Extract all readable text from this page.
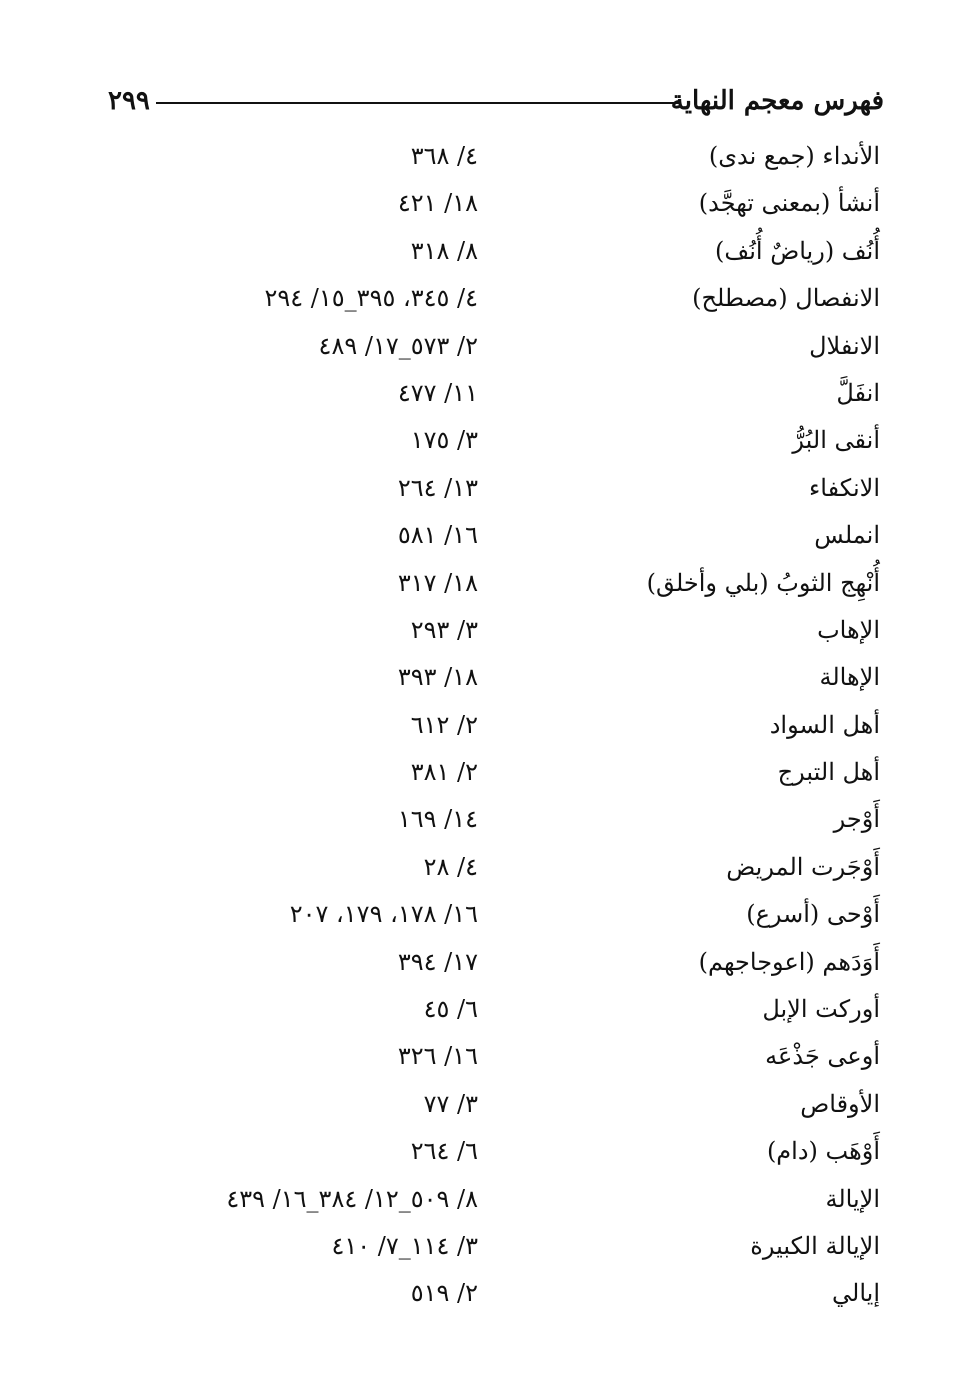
فهرس معجم النهاية
٢٩٩
الأنداء (جمع ندى)
٤/ ٣٦٨
أنشأ (بمعنى تهجَّد)
١٨/ ٤٢١
أُنُف (رياضٌ أُنُف)
٨/ ٣١٨
الانفصال (مصطلح)
٤/ ٣٤٥، ٣٩٥_١٥/ ٢٩٤
الانفلال
٢/ ٥٧٣_١٧/ ٤٨٩
انفَلَّ
١١/ ٤٧٧
أنقى البُرُّ
٣/ ١٧٥
الانكفاء
١٣/ ٢٦٤
انملس
١٦/ ٥٨١
أُنْهِج الثوبُ (بلي وأخلق)
١٨/ ٣١٧
الإهاب
٣/ ٢٩٣
الإهالة
١٨/ ٣٩٣
أهل السواد
٢/ ٦١٢
أهل التبرج
٢/ ٣٨١
أَوْجر
١٤/ ١٦٩
أَوْجَرت المريض
٤/ ٢٨
أَوْحى (أسرع)
١٦/ ١٧٨، ١٧٩، ٢٠٧
أَوَدَهم (اعوجاجهم)
١٧/ ٣٩٤
أوركت الإبل
٦/ ٤٥
أوعى جَذْعَه
١٦/ ٣٢٦
الأوقاص
٣/ ٧٧
أَوْهَب (دام)
٦/ ٢٦٤
الإيالة
٨/ ٥٠٩_١٢/ ٣٨٤_١٦/ ٤٣٩
الإيالة الكبيرة
٣/ ١١٤_٧/ ٤١٠
إيالي
٢/ ٥١٩
